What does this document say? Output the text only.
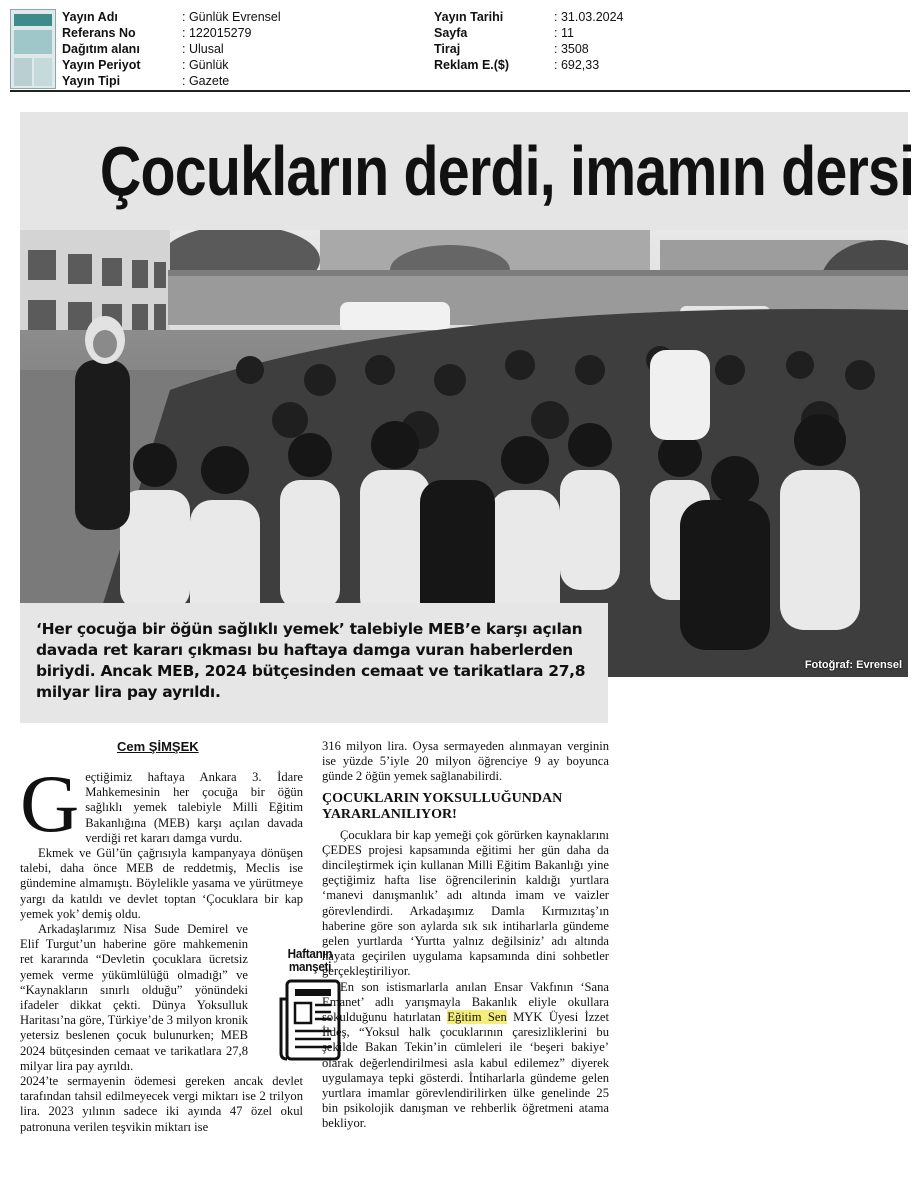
Yayın Adı	: Günlük Evrensel
Referans No	: 122015279
Dağıtım alanı	: Ulusal
Yayın Periyot	: Günlük
Yayın Tipi	: Gazete
Yayın Tarihi	: 31.03.2024
Sayfa	: 11
Tiraj	: 3508
Reklam E.($)	: 692,33
Çocukların derdi, imamın dersi
Fotoğraf: Evrensel
‘Her çocuğa bir öğün sağlıklı yemek’ talebiyle MEB’e karşı açılan davada ret kararı çıkması bu haftaya damga vuran haberlerden biriydi. Ancak MEB, 2024 bütçesinden cemaat ve tarikatlara 27,8 milyar lira pay ayrıldı.
Cem ŞİMŞEK

Geçtiğimiz haftaya Ankara 3. İdare Mahkemesinin her çocuğa bir öğün sağlıklı yemek talebiyle Milli Eğitim Bakanlığına (MEB) karşı açılan davada verdiği ret kararı damga vurdu.

Ekmek ve Gül’ün çağrısıyla kampanyaya dönüşen talebi, daha önce MEB de reddetmiş, Meclis ise gündemine almamıştı. Böylelikle yasama ve yürütmeye yargı da katıldı ve devlet toptan ‘Çocuklara bir kap yemek yok’ demiş oldu.

Arkadaşlarımız Nisa Sude Demirel ve Elif Turgut’un haberine göre mahkemenin ret kararında “Devletin çocuklara ücretsiz yemek verme yükümlülüğü olmadığı” ve “Kaynakların sınırlı olduğu” yönündeki ifadeler dikkat çekti. Dünya Yoksulluk Haritası’na göre, Türkiye’de 3 milyon kronik yetersiz beslenen çocuk bulunurken; MEB 2024 bütçesinden cemaat ve tarikatlara 27,8 milyar lira pay ayrıldı.

2024’te sermayenin ödemesi gereken ancak devlet tarafından tahsil edilmeyecek vergi miktarı ise 2 trilyon lira. 2023 yılının sadece iki ayında 47 özel okul patronuna verilen teşvikin miktarı ise

Haftanın manşeti

316 milyon lira. Oysa sermayeden alınmayan verginin ise yüzde 5’iyle 20 milyon öğrenciye 9 ay boyunca günde 2 öğün yemek sağlanabilirdi.

ÇOCUKLARIN YOKSULLUĞUNDAN YARARLANILIYOR!

Çocuklara bir kap yemeği çok görürken kaynaklarını ÇEDES projesi kapsamında eğitimi her gün daha da dincileştirmek için kullanan Milli Eğitim Bakanlığı yine geçtiğimiz hafta lise öğrencilerinin kaldığı yurtlara ‘manevi danışmanlık’ adı altında imam ve vaizler görevlendirdi. Arkadaşımız Damla Kırmızıtaş’ın haberine göre son aylarda sık sık intiharlarla gündeme gelen yurtlarda ‘Yurtta yalnız değilsiniz’ adı altında hayata geçirilen uygulama kapsamında dini sohbetler gerçekleştiriliyor.

En son istismarlarla anılan Ensar Vakfının ‘Sana Emanet’ adlı yarışmayla Bakanlık eliyle okullara sokulduğunu hatırlatan Eğitim Sen MYK Üyesi İzzet İldeş, “Yoksul halk çocuklarının çaresizliklerini bu şekilde Bakan Tekin’in cümleleri ile ‘beşeri bakiye’ olarak değerlendirilmesi asla kabul edilemez” diyerek uygulamaya tepki gösterdi. İntiharlarla gündeme gelen yurtlara imamlar görevlendirilirken ülke genelinde 25 bin psikolojik danışman ve rehberlik öğretmeni atama bekliyor.
